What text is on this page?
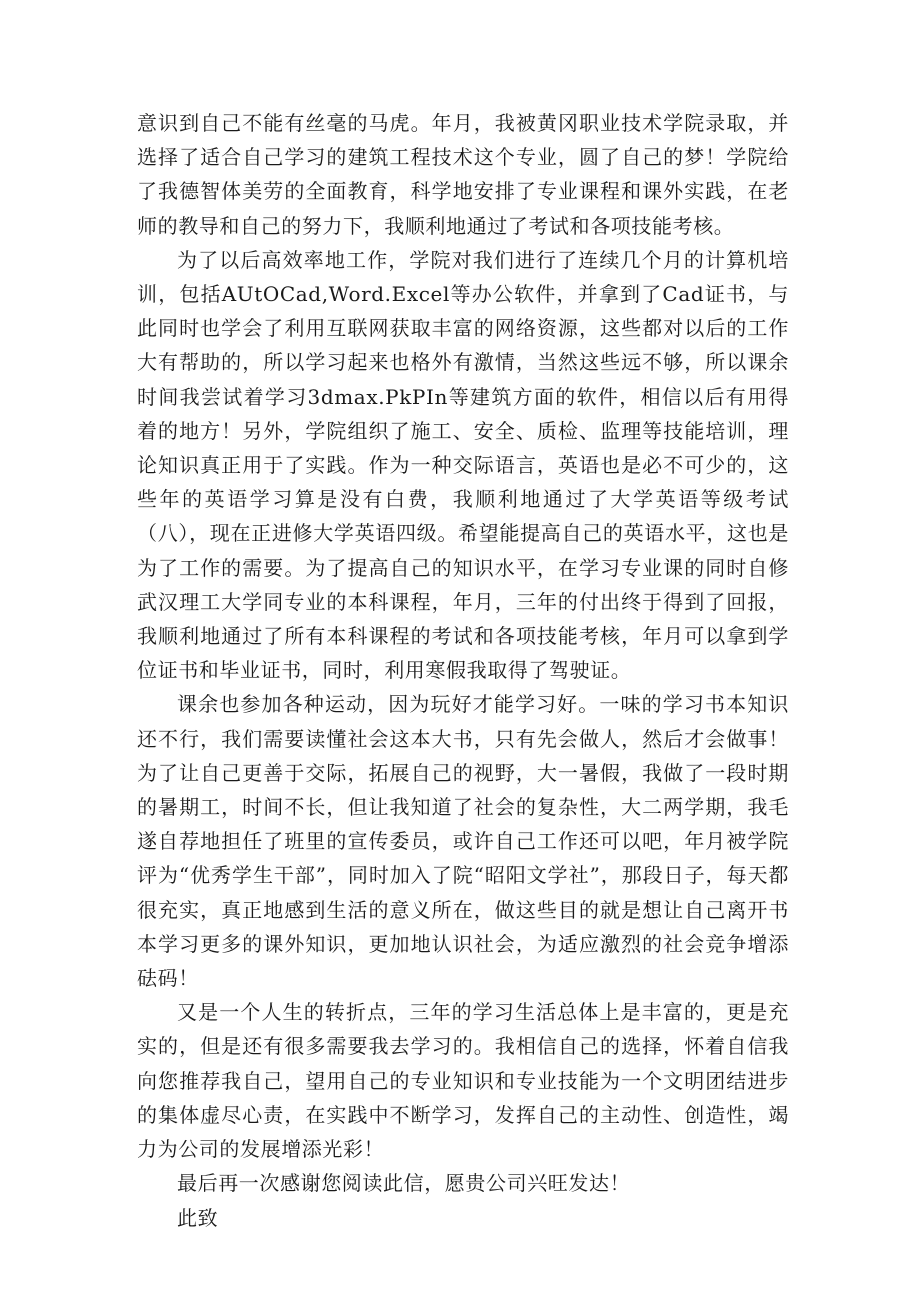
意识到自己不能有丝毫的马虎。年月，我被黄冈职业技术学院录取，并选择了适合自己学习的建筑工程技术这个专业，圆了自己的梦！学院给了我德智体美劳的全面教育，科学地安排了专业课程和课外实践，在老师的教导和自己的努力下，我顺利地通过了考试和各项技能考核。

为了以后高效率地工作，学院对我们进行了连续几个月的计算机培训，包括AUtOCad,Word.Excel等办公软件，并拿到了Cad证书，与此同时也学会了利用互联网获取丰富的网络资源，这些都对以后的工作大有帮助的，所以学习起来也格外有激情，当然这些远不够，所以课余时间我尝试着学习3dmax.PkPIn等建筑方面的软件，相信以后有用得着的地方！另外，学院组织了施工、安全、质检、监理等技能培训，理论知识真正用于了实践。作为一种交际语言，英语也是必不可少的，这些年的英语学习算是没有白费，我顺利地通过了大学英语等级考试（八），现在正进修大学英语四级。希望能提高自己的英语水平，这也是为了工作的需要。为了提高自己的知识水平，在学习专业课的同时自修武汉理工大学同专业的本科课程，年月，三年的付出终于得到了回报，我顺利地通过了所有本科课程的考试和各项技能考核，年月可以拿到学位证书和毕业证书，同时，利用寒假我取得了驾驶证。

课余也参加各种运动，因为玩好才能学习好。一味的学习书本知识还不行，我们需要读懂社会这本大书，只有先会做人，然后才会做事！为了让自己更善于交际，拓展自己的视野，大一暑假，我做了一段时期的暑期工，时间不长，但让我知道了社会的复杂性，大二两学期，我毛遂自荐地担任了班里的宣传委员，或许自己工作还可以吧，年月被学院评为“优秀学生干部”，同时加入了院“昭阳文学社”，那段日子，每天都很充实，真正地感到生活的意义所在，做这些目的就是想让自己离开书本学习更多的课外知识，更加地认识社会，为适应激烈的社会竞争增添砝码！

又是一个人生的转折点，三年的学习生活总体上是丰富的，更是充实的，但是还有很多需要我去学习的。我相信自己的选择，怀着自信我向您推荐我自己，望用自己的专业知识和专业技能为一个文明团结进步的集体虚尽心责，在实践中不断学习，发挥自己的主动性、创造性，竭力为公司的发展增添光彩！

最后再一次感谢您阅读此信，愿贵公司兴旺发达！

此致
